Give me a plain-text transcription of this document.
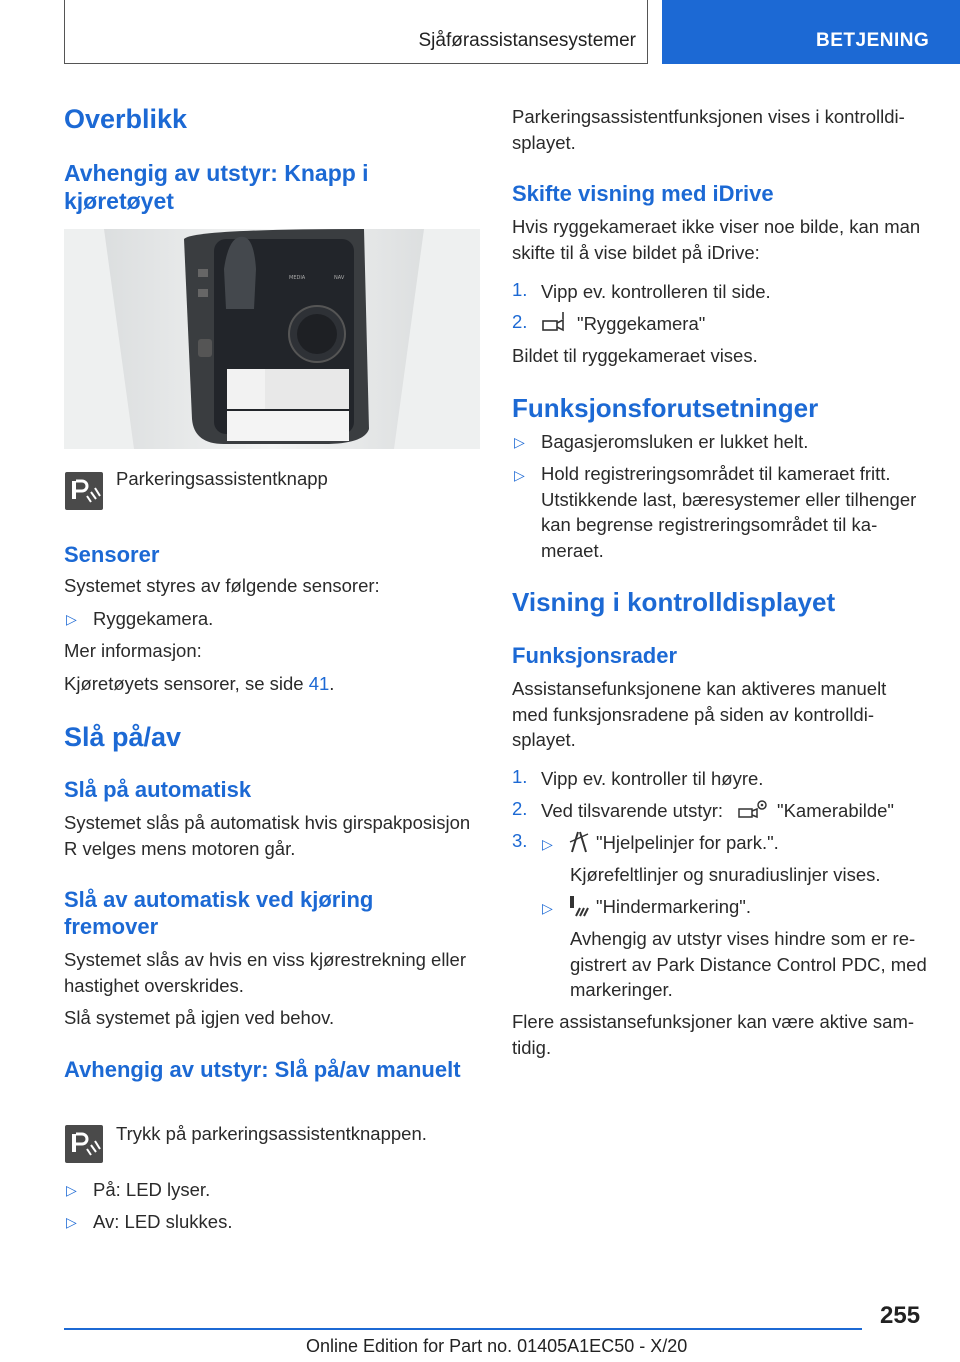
Sjåførassistansesystemer	BETJENING
Overblikk
Avhengig av utstyr: Knapp i kjøretøyet
MEDIA	NAV

Parkeringsassistentknapp

Sensorer

Systemet styres av følgende sensorer:

▷ Ryggekamera.

Mer informasjon:

Kjøretøyets sensorer, se side 41.

Slå på/av
Slå på automatisk

Systemet slås på automatisk hvis girspakposisjon R velges mens motoren går.

Slå av automatisk ved kjøring fremover

Systemet slås av hvis en viss kjørestrekning eller hastighet overskrides.

Slå systemet på igjen ved behov.

Avhengig av utstyr: Slå på/av manuelt

Trykk på parkeringsassistentknappen.

▷ På: LED lyser.

▷ Av: LED slukkes.

Parkeringsassistentfunksjonen vises i kontrolldisplayet.

Skifte visning med iDrive

Hvis ryggekameraet ikke viser noe bilde, kan man skifte til å vise bildet på iDrive:

1. Vipp ev. kontrolleren til side.

2.	"Ryggekamera"

Bildet til ryggekameraet vises.

Funksjonsforutsetninger
▷ Bagasjeromsluken er lukket helt.

▷ Hold registreringsområdet til kameraet fritt. Utstikkende last, bæresystemer eller tilhenger kan begrense registreringsområdet til kameraet.

Visning i kontrolldisplayet
Funksjonsrader

Assistansefunksjonene kan aktiveres manuelt med funksjonsradene på siden av kontrolldisplayet.

1. Vipp ev. kontroller til høyre.

2. Ved tilsvarende utstyr:	"Kamerabilde"

3. ▷ "Hjelpelinjer for park.".

Kjørefeltlinjer og snuradiuslinjer vises.

▷ "Hindermarkering".

Avhengig av utstyr vises hindre som er registrert av Park Distance Control PDC, med markeringer.

Flere assistansefunksjoner kan være aktive samtidig.

255
Online Edition for Part no. 01405A1EC50 - X/20
